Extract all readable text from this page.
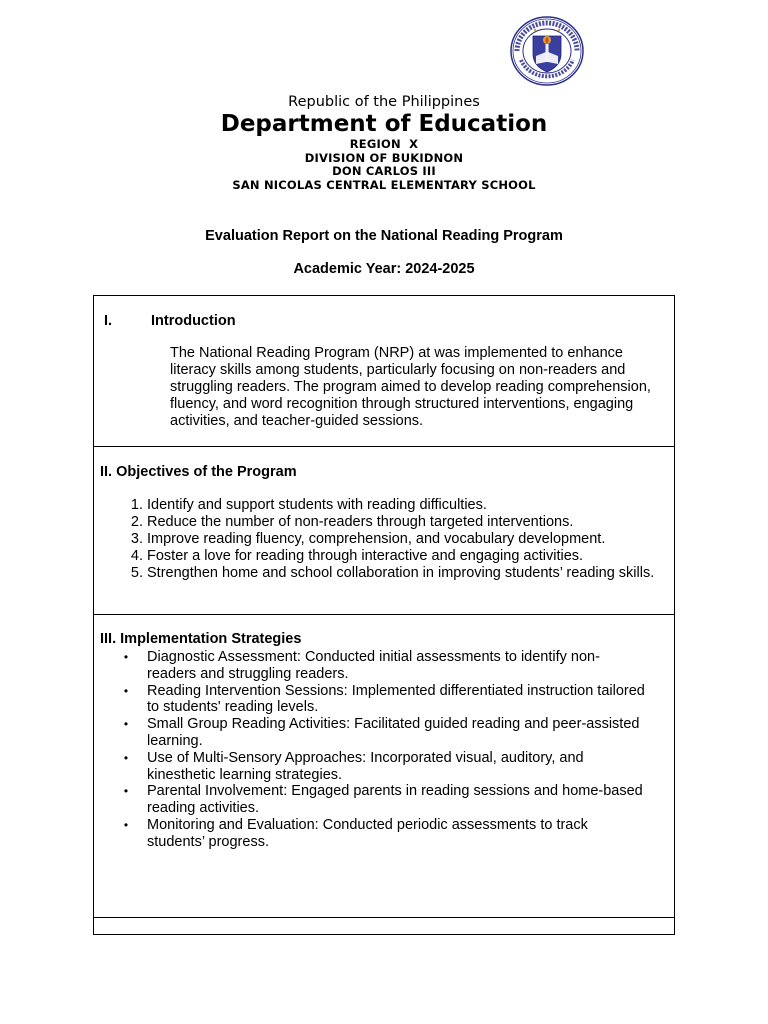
Republic of the Philippines
Department of Education
REGION  X
DIVISION OF BUKIDNON
DON CARLOS III
SAN NICOLAS CENTRAL ELEMENTARY SCHOOL
Evaluation Report on the National Reading Program
Academic Year: 2024-2025
I.	Introduction

The National Reading Program (NRP) at was implemented to enhance literacy skills among students, particularly focusing on non-readers and struggling readers. The program aimed to develop reading comprehension, fluency, and word recognition through structured interventions, engaging activities, and teacher-guided sessions.

II. Objectives of the Program
1. Identify and support students with reading difficulties.
2. Reduce the number of non-readers through targeted interventions.
3. Improve reading fluency, comprehension, and vocabulary development.
4. Foster a love for reading through interactive and engaging activities.
5. Strengthen home and school collaboration in improving students’ reading skills.
III. Implementation Strategies
• Diagnostic Assessment: Conducted initial assessments to identify non-readers and struggling readers.
• Reading Intervention Sessions: Implemented differentiated instruction tailored to students' reading levels.
• Small Group Reading Activities: Facilitated guided reading and peer-assisted learning.
• Use of Multi-Sensory Approaches: Incorporated visual, auditory, and kinesthetic learning strategies.
• Parental Involvement: Engaged parents in reading sessions and home-based reading activities.
• Monitoring and Evaluation: Conducted periodic assessments to track students’ progress.
